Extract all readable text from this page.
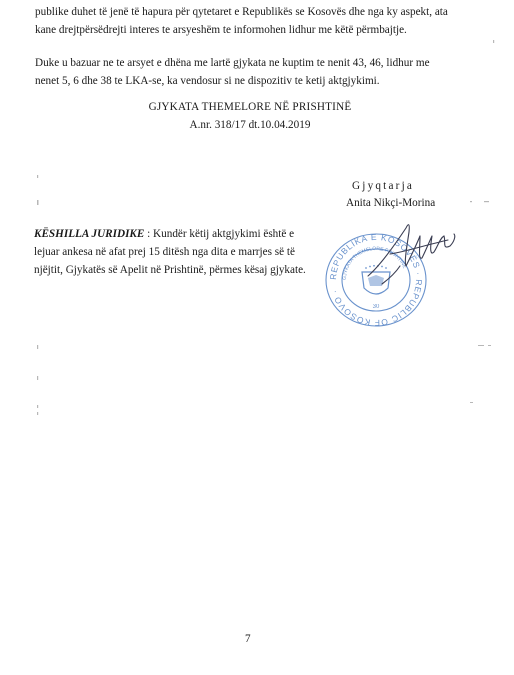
publike duhet të jenë të hapura për qytetaret e Republikës se Kosovës dhe nga ky aspekt, ata
kane drejtpërsëdrejti interes te arsyeshëm te informohen lidhur me këtë përmbajtje.
Duke u bazuar ne te arsyet e dhëna me lartë gjykata ne kuptim te nenit 43, 46, lidhur me
nenet 5, 6 dhe 38 te LKA-se, ka vendosur si ne dispozitiv te ketij aktgjykimi.
GJYKATA THEMELORE NË PRISHTINË
A.nr. 318/17 dt.10.04.2019
Gjyqtarja
Anita Nikçi-Morina
KËSHILLA JURIDIKE : Kundër këtij aktgjykimi është e
lejuar ankesa në afat prej 15 ditësh nga dita e marrjes së të
njëjtit, Gjykatës së Apelit në Prishtinë, përmes kësaj gjykate.
REPUBLIKA E KOSOVËS · REPUBLIC OF KOSOVO ·
GJYKATA THEMELORE PRISHTINË
30
7
